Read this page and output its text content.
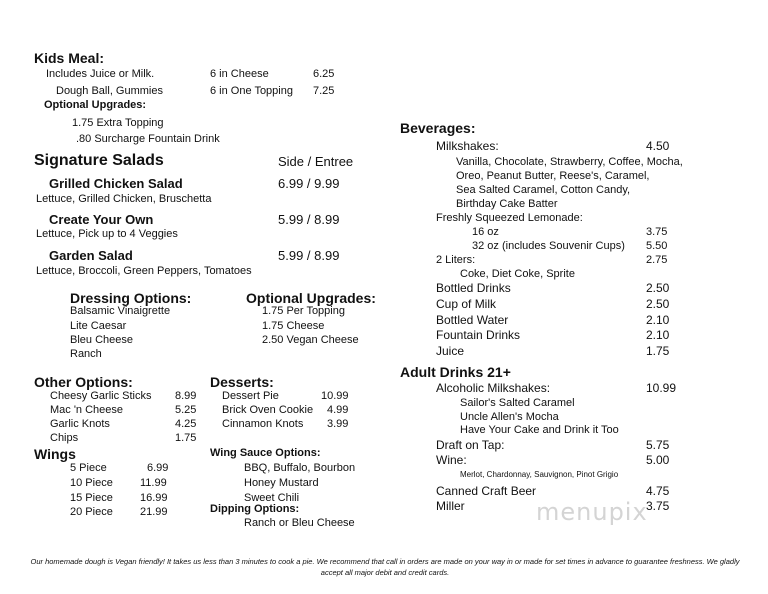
Kids Meal:
Includes Juice or Milk.
Dough Ball, Gummies
6 in Cheese	6.25
6 in One Topping 7.25
Optional Upgrades:
1.75 Extra Topping
.80 Surcharge Fountain Drink
Signature Salads	Side / Entree
Grilled Chicken Salad	6.99 / 9.99
Lettuce, Grilled Chicken, Bruschetta
Create Your Own	5.99 / 8.99
Lettuce, Pick up to 4 Veggies
Garden Salad	5.99 / 8.99
Lettuce, Broccoli, Green Peppers, Tomatoes
Dressing Options:
Balsamic Vinaigrette
Lite Caesar
Bleu Cheese
Ranch
Optional Upgrades:
1.75 Per Topping
1.75 Cheese
2.50 Vegan Cheese
Other Options:
Cheesy Garlic Sticks 8.99
Mac 'n Cheese	5.25
Garlic Knots	4.25
Chips	1.75
Wings
5 Piece	6.99
10 Piece 11.99
15 Piece 16.99
20 Piece 21.99
Desserts:
Dessert Pie	10.99
Brick Oven Cookie 4.99
Cinnamon Knots 3.99
Wing Sauce Options:
BBQ, Buffalo, Bourbon
Honey Mustard
Sweet Chili
Dipping Options:
Ranch or Bleu Cheese
Beverages:
Milkshakes:	4.50
Vanilla, Chocolate, Strawberry, Coffee, Mocha,
Oreo, Peanut Butter, Reese's, Caramel,
Sea Salted Caramel, Cotton Candy,
Birthday Cake Batter
Freshly Squeezed Lemonade:
16 oz	3.75
32 oz (includes Souvenir Cups) 5.50
2 Liters:	2.75
Coke, Diet Coke, Sprite
Bottled Drinks	2.50
Cup of Milk	2.50
Bottled Water	2.10
Fountain Drinks	2.10
Juice	1.75
Adult Drinks 21+
Alcoholic Milkshakes:	10.99
Sailor's Salted Caramel
Uncle Allen's Mocha
Have Your Cake and Drink it Too
Draft on Tap:	5.75
Wine:	5.00
Merlot, Chardonnay, Sauvignon, Pinot Grigio
Canned Craft Beer	4.75
Miller	3.75
menupix
Our homemade dough is Vegan friendly! It takes us less than 3 minutes to cook a pie. We recommend that call in orders are made on your way in or made for set times in advance to guarantee freshness. We gladly accept all major debit and credit cards.
